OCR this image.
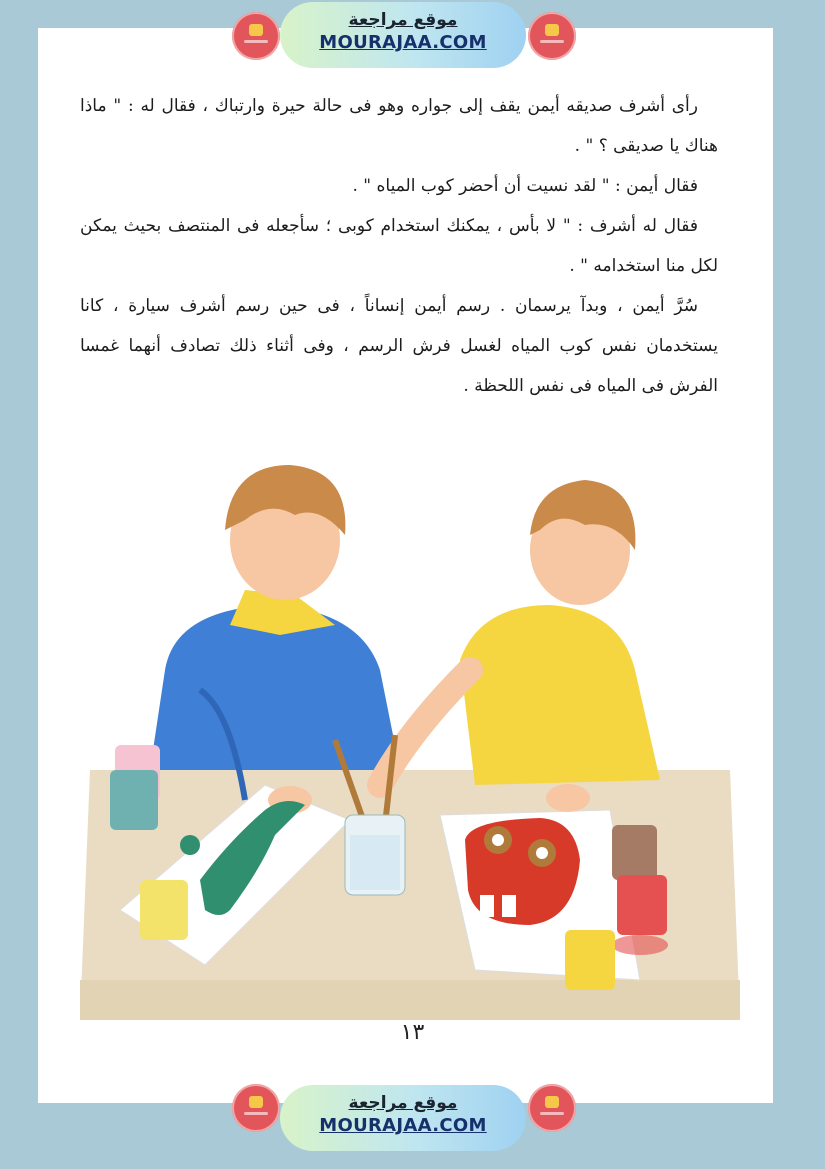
موقع مراجعة
MOURAJAA.COM

رأى أشرف صديقه أيمن يقف إلى جواره وهو فى حالة حيرة وارتباك ، فقال له : " ماذا هناك يا صديقى ؟ " .

فقال أيمن : " لقد نسيت أن أحضر كوب المياه " .

فقال له أشرف : " لا بأس ، يمكنك استخدام كوبى ؛ سأجعله فى المنتصف بحيث يمكن لكل منا استخدامه " .

سُرَّ أيمن ، وبدآ يرسمان . رسم أيمن إنساناً ، فى حين رسم أشرف سيارة ، كانا يستخدمان نفس كوب المياه لغسل فرش الرسم ، وفى أثناء ذلك تصادف أنهما غمسا الفرش فى المياه فى نفس اللحظة .

١٣
موقع مراجعة
MOURAJAA.COM
